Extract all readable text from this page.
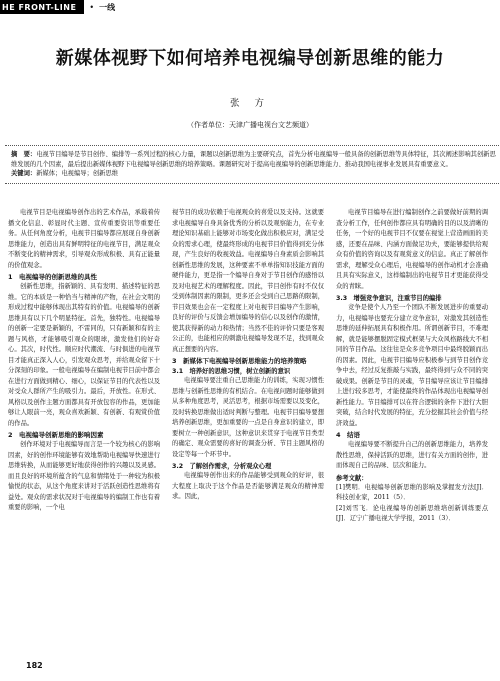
HE FRONT-LINE	• 一线
新媒体视野下如何培养电视编导创新思维的能力
张 方
（作者单位：天津广播电视台文艺频道）

摘　要：电视节目编导是节目创作、编排等一系列过程的核心力量，课题以创新思维为主要研究点，首先分析电视编导一般具备的创新思维等具体特征，其次阐述影响其创新思维发展的几个因素，最后提出新媒体视野下电视编导创新思维的培养策略。课题研究对于提高电视编导的创新思维能力、推动我国电视事业发展具有重要意义。

关键词：新媒体；电视编导；创新思维

电视节目是电视编导创作出的艺术作品，承载着传播文化信息、彰显时代主题、宣传重要资讯等重要任务。从任何角度分析，电视节目编导都应展现自身创新思维能力，创造出具有鲜明特征的电视节目，满足观众不断变化的精神需求，引导观众形成积极、具有正能量的价值观念。

1　电视编导的创新思维的具性

创新性思维，指新颖的、具有发明、描述特征的思维。它的本质是一种恰当与精神的产物，在社会文明的形成过程中能够体现出其特有的价值。电视编导的创新思维具有以下几个明显特征。首先，独特性。电视编导的创新一定要是新颖的，不雷同的，只有新颖和有的主题与风格，才能够吸引观众的眼球，激发他们的好奇心。其次，时代性。顺应时代潮流、与时俱进的电视节目才能真正深入人心，引发观众思考，并给观众留下十分深刻的印象。一般电视编导在编制电视节目前中都会在进行方面做到精心、细心，以保证节目的代表性以及对受众人群所产生的吸引力。最后，开放性。在形式、风格以及创作主题方面都具有开放包容的作品，更加能够让人眼前一亮，观众喜欢新颖、有创新、有观赏价值的作品。

2　电视编导创新思维的影响因素

创作环境对于电视编导而言是一个较为核心的影响因素，好的创作环境能够有效地帮助电视编导快速进行思维转换，从而能够更好地获得创作的兴趣以及灵感。而且良好的环境所蕴含的气息和情绪处于一种较为积极愉悦的状态，从这个角度来讲对于活跃创造性思维将有益处。观众的需求状况对于电视编导的编制工作也有着重要的影响，一个电

视节目的成功依赖于电视观众的喜爱以及支持。这就要求电视编导自身具备优秀的分析以及观察能力，在专业理论知识基础上能够对市场变化做出积极应对，满足受众的需求心理，使最终形成的电视节目价值得到充分体现，产生良好的收视效益。电视编导自身素质会影响其创新性思维的发展，这种要素不单单指知识技能方面的硬件能力，更是指一个编导自身对于节目创作的感悟以及对电视艺术的理解程度。因此，节目创作有时不仅仅受到体制因素的限制，更多还会受到自己思路的限制，节目效果也会在一定程度上对电视节目编导产生影响，良好的评价与反馈会增加编导的信心以及创作的激情，使其获得新的动力和热情；当然不佳的评价只要是客观公正的，也能相应的刺激电视编导发现不足，找到观众真正想要的内容。

3　新媒体下电视编导创新思维能力的培养策略
3.1　培养好的思维习惯，树立创新的意识

电视编导要注重自己思维能力的训练，实现习惯性思维与创新性思维的有机结合。在电视问题时能够做到从多种角度思考，灵活思考，根据市场需要以及变化，及时转换思维做出适时判断与整理。电视节目编导要想培养创新思维，更加重要的一点是自身意识的建立，即要树立一种创新意识，这种意识来贯穿于电视节目类型的确定、观众需要的喜好的调查分析、节目主题风格的设定等每一个环节中。

3.2　了解创作需求，分析观众心理

电视编导创作出来的作品能够受到观众的好评，很大程度上取决于这个作品是否能够满足观众的精神需求。因此，

电视节目编导在进行编制创作之前要做好前期的调查分析工作，任何创作都应具有明确的目的以及清晰的任务，一个好的电视节目不仅要在视觉上营造画面的美感，还要在品味、内涵方面做足功夫，要能够提供给观众有价值的咨询以及有观赏意义的信息。真正了解创作需求，理解受众心理后，电视编导的创作动机才会准确且具有实际意义，这样编制出的电视节目才更能获得受众的青睐。

3.3　增强竞争意识，注重节目的编排

竞争是使个人乃至一个团队不断发展进步的重要动力，电视编导也要充分建立竞争意识，对激发其创造性思维的延伸拓展具有积极作用。所谓创新节目，不难理解，就是能够摆脱固定模式框架与大众风格路线大不相同的节目作品。这往往是众多竞争项目中最终脱颖而出的因素。因此，电视节目编导应积极参与到节目创作竞争中去，经过反复推敲与实践，最终得到与众不同的突破成果。创新是节目的灵魂，节目编导应该让节目编排上进行较多思考，才能使最终的作品体现出电视编导创新性能力。节目编排可以在符合逻辑的条件下进行大胆突破，结合时代发展的特征，充分挖掘其社会价值与经济效益。

4　结语

电视编导要不断提升自己的创新思维能力，培养发散性思维，保持活跃的思维，进行有关方面的创作，进而体现自己的品味、层次和能力。

参考文献：

[1]樊明．电视编导创新思维的影响及掌握发方法[J]．科技创业家，2011（5）．

[2]刘雪飞．论电视编导的创新思维培创新训练要点[J]．辽宁广播电视大学学报，2011（3）．

182
